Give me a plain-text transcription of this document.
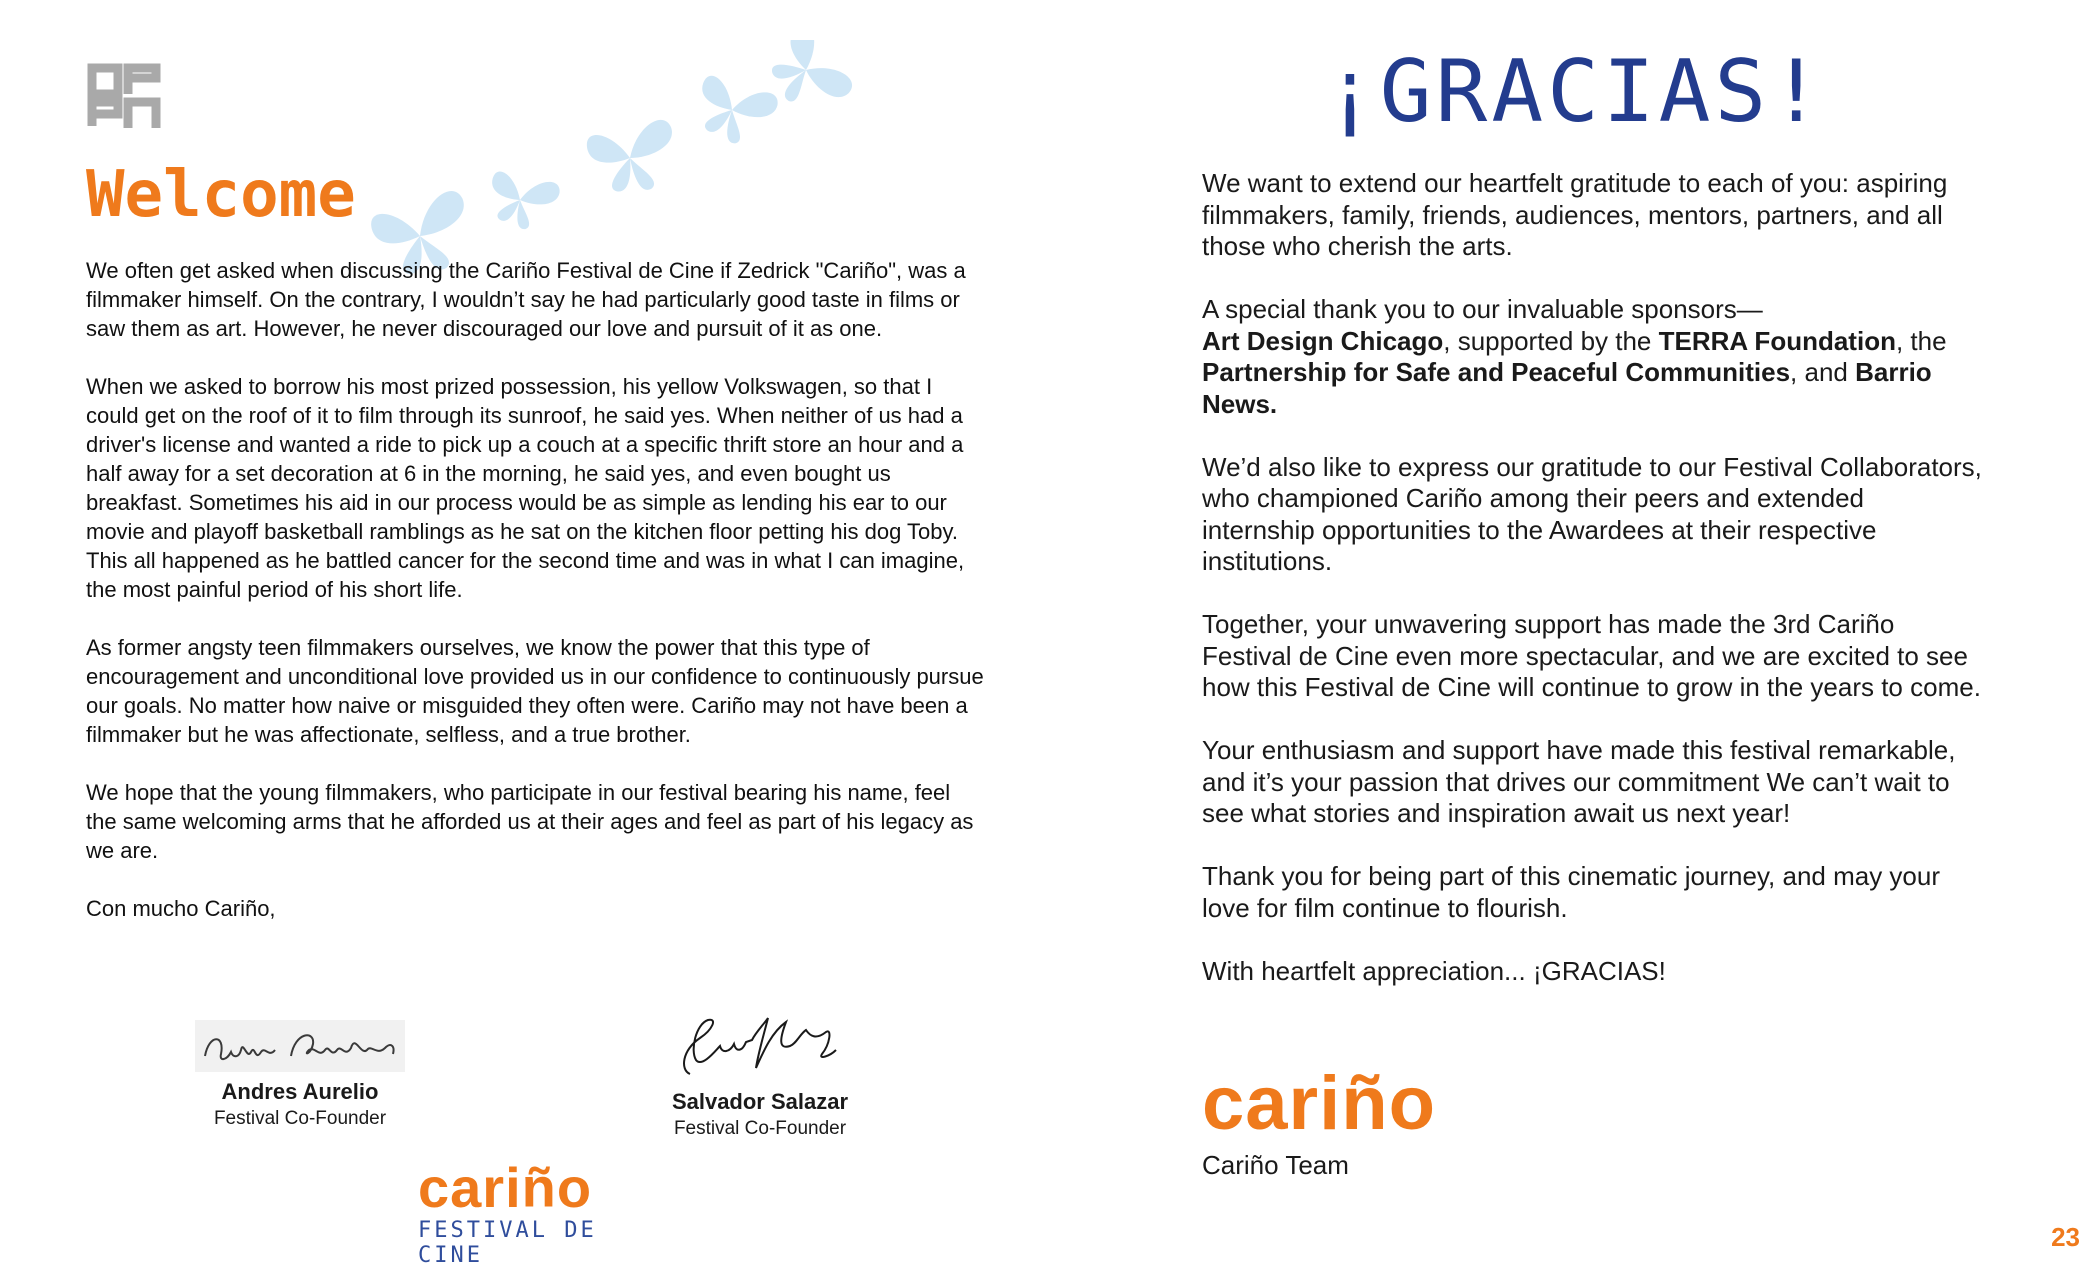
Welcome

We often get asked when discussing the Cariño Festival de Cine if Zedrick "Cariño", was a filmmaker himself. On the contrary, I wouldn’t say he had particularly good taste in films or saw them as art. However, he never discouraged our love and pursuit of it as one.

When we asked to borrow his most prized possession, his yellow Volkswagen, so that I could get on the roof of it to film through its sunroof, he said yes. When neither of us had a driver's license and wanted a ride to pick up a couch at a specific thrift store an hour and a half away for a set decoration at 6 in the morning, he said yes, and even bought us breakfast. Sometimes his aid in our process would be as simple as lending his ear to our movie and playoff basketball ramblings as he sat on the kitchen floor petting his dog Toby. This all happened as he battled cancer for the second time and was in what I can imagine, the most painful period of his short life.

As former angsty teen filmmakers ourselves, we know the power that this type of encouragement and unconditional love provided us in our confidence to continuously pursue our goals. No matter how naive or misguided they often were. Cariño may not have been a filmmaker but he was affectionate, selfless, and a true brother.

We hope that the young filmmakers, who participate in our festival bearing his name, feel the same welcoming arms that he afforded us at their ages and feel as part of his legacy as we are.

Con mucho Cariño,

Andres Aurelio
Festival Co-Founder
Salvador Salazar
Festival Co-Founder
cariño
FESTIVAL DE CINE
¡GRACIAS!

We want to extend our heartfelt gratitude to each of you: aspiring filmmakers, family, friends, audiences, mentors, partners, and all those who cherish the arts.

A special thank you to our invaluable sponsors—
Art Design Chicago, supported by the TERRA Foundation, the Partnership for Safe and Peaceful Communities, and Barrio News.

We’d also like to express our gratitude to our Festival Collaborators, who championed Cariño among their peers and extended internship opportunities to the Awardees at their respective institutions.

Together, your unwavering support has made the 3rd Cariño Festival de Cine even more spectacular, and we are excited to see how this Festival de Cine will continue to grow in the years to come.

Your enthusiasm and support have made this festival remarkable, and it’s your passion that drives our commitment We can’t wait to see what stories and inspiration await us next year!

Thank you for being part of this cinematic journey, and may your love for film continue to flourish.

With heartfelt appreciation... ¡GRACIAS!

cariño
Cariño Team
23
